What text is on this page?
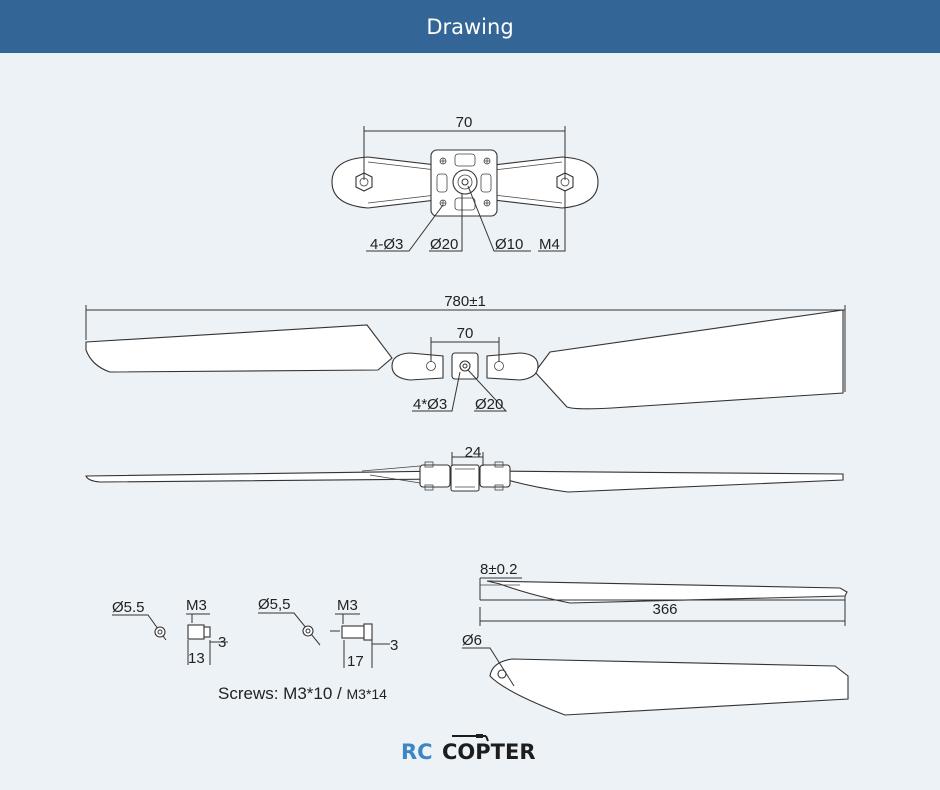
Drawing
70
4-Ø3 Ø20 Ø10 M4
780±1
70
4*Ø3 Ø20
24
Ø5.5	M3
3
13
Ø5,5	M3
3
17
Screws: M3*10 / M3*14
8±0.2
366
Ø6
RC COPTER
